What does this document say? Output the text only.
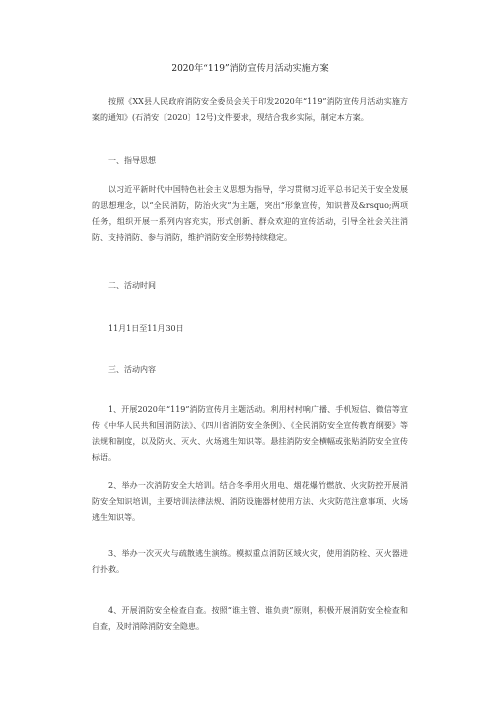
2020年“119”消防宣传月活动实施方案
按照《XX县人民政府消防安全委员会关于印发2020年“119”消防宣传月活动实施方案的通知》(石消安〔2020〕12号)文件要求，现结合我乡实际，制定本方案。
一、指导思想
以习近平新时代中国特色社会主义思想为指导，学习贯彻习近平总书记关于安全发展的思想理念，以“全民消防，防治火灾”为主题，突出“形象宣传，知识普及&rsquo;两项任务，组织开展一系列内容充实，形式创新、群众欢迎的宣传活动，引导全社会关注消防、支持消防、参与消防，维护消防安全形势持续稳定。
二、活动时间
11月1日至11月30日
三、活动内容
1、开展2020年“119”消防宣传月主题活动。利用村村响广播、手机短信、微信等宣传《中华人民共和国消防法》、《四川省消防安全条例》、《全民消防安全宣传教育纲要》等法规和制度，以及防火、灭火、火场逃生知识等。悬挂消防安全横幅或张贴消防安全宣传标语。
2、举办一次消防安全大培训。结合冬季用火用电、烟花爆竹燃放、火灾防控开展消防安全知识培训，主要培训法律法规、消防设施器材使用方法、火灾防范注意事项、火场逃生知识等。
3、举办一次灭火与疏散逃生演练。模拟重点消防区域火灾，使用消防栓、灭火器进行扑救。
4、开展消防安全检查自查。按照“谁主管、谁负责”原则，积极开展消防安全检查和自查，及时消除消防安全隐患。
